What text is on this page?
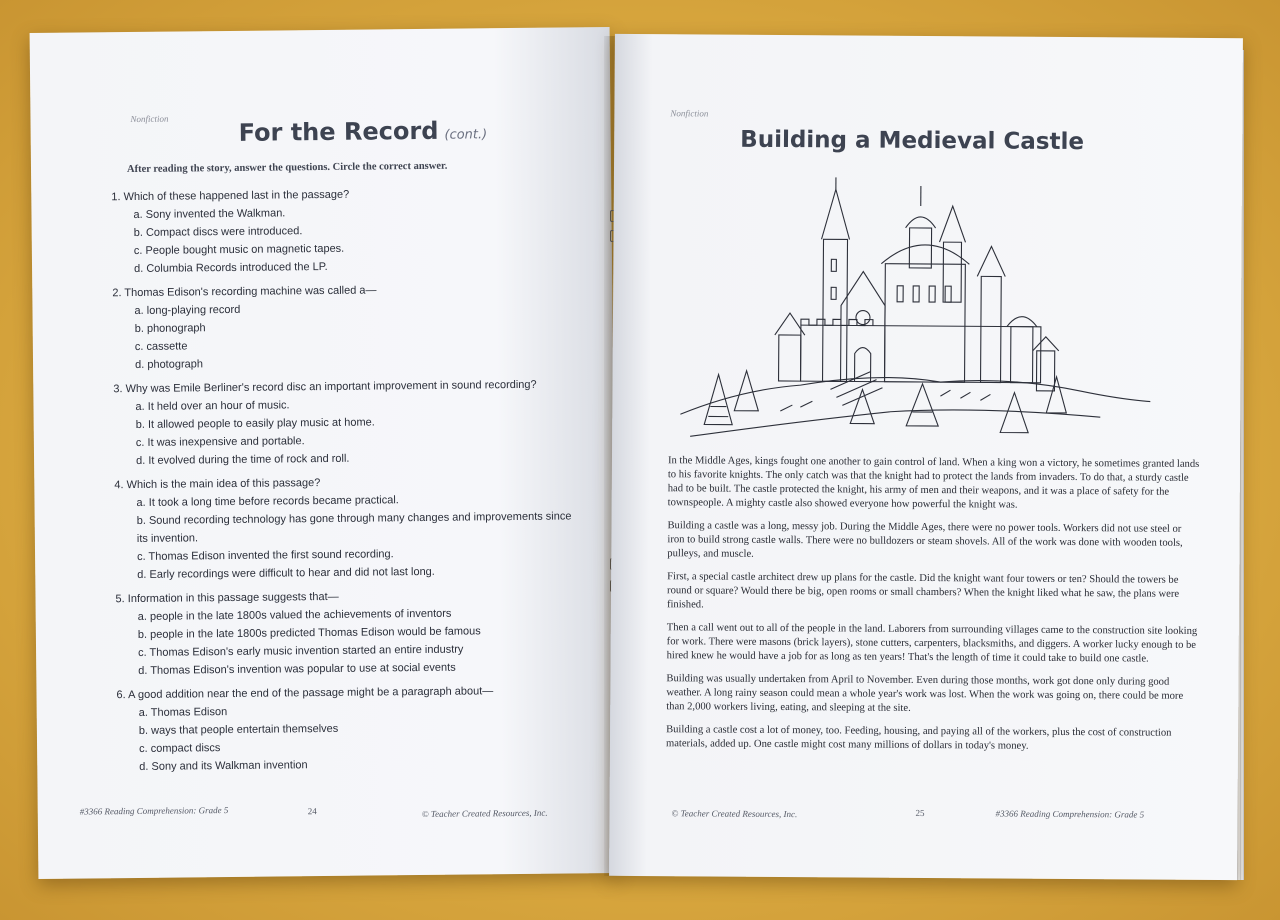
Nonfiction	For the Record (cont.)
After reading the story, answer the questions. Circle the correct answer.
1. Which of these happened last in the passage?
a. Sony invented the Walkman.
b. Compact discs were introduced.
c. People bought music on magnetic tapes.
d. Columbia Records introduced the LP.
2. Thomas Edison's recording machine was called a—
a. long-playing record
b. phonograph
c. cassette
d. photograph
3. Why was Emile Berliner's record disc an important improvement in sound recording?
a. It held over an hour of music.
b. It allowed people to easily play music at home.
c. It was inexpensive and portable.
d. It evolved during the time of rock and roll.
4. Which is the main idea of this passage?
a. It took a long time before records became practical.
b. Sound recording technology has gone through many changes and improvements since its invention.
c. Thomas Edison invented the first sound recording.
d. Early recordings were difficult to hear and did not last long.
5. Information in this passage suggests that—
a. people in the late 1800s valued the achievements of inventors
b. people in the late 1800s predicted Thomas Edison would be famous
c. Thomas Edison's early music invention started an entire industry
d. Thomas Edison's invention was popular to use at social events
6. A good addition near the end of the passage might be a paragraph about—
a. Thomas Edison
b. ways that people entertain themselves
c. compact discs
d. Sony and its Walkman invention
#3366 Reading Comprehension: Grade 5	24	© Teacher Created Resources, Inc.
Nonfiction
Building a Medieval Castle

In the Middle Ages, kings fought one another to gain control of land. When a king won a victory, he sometimes granted lands to his favorite knights. The only catch was that the knight had to protect the lands from invaders. To do that, a sturdy castle had to be built. The castle protected the knight, his army of men and their weapons, and it was a place of safety for the townspeople. A mighty castle also showed everyone how powerful the knight was.

Building a castle was a long, messy job. During the Middle Ages, there were no power tools. Workers did not use steel or iron to build strong castle walls. There were no bulldozers or steam shovels. All of the work was done with wooden tools, pulleys, and muscle.

First, a special castle architect drew up plans for the castle. Did the knight want four towers or ten? Should the towers be round or square? Would there be big, open rooms or small chambers? When the knight liked what he saw, the plans were finished.

Then a call went out to all of the people in the land. Laborers from surrounding villages came to the construction site looking for work. There were masons (brick layers), stone cutters, carpenters, blacksmiths, and diggers. A worker lucky enough to be hired knew he would have a job for as long as ten years! That's the length of time it could take to build one castle.

Building was usually undertaken from April to November. Even during those months, work got done only during good weather. A long rainy season could mean a whole year's work was lost. When the work was going on, there could be more than 2,000 workers living, eating, and sleeping at the site.

Building a castle cost a lot of money, too. Feeding, housing, and paying all of the workers, plus the cost of construction materials, added up. One castle might cost many millions of dollars in today's money.

© Teacher Created Resources, Inc.	25	#3366 Reading Comprehension: Grade 5
